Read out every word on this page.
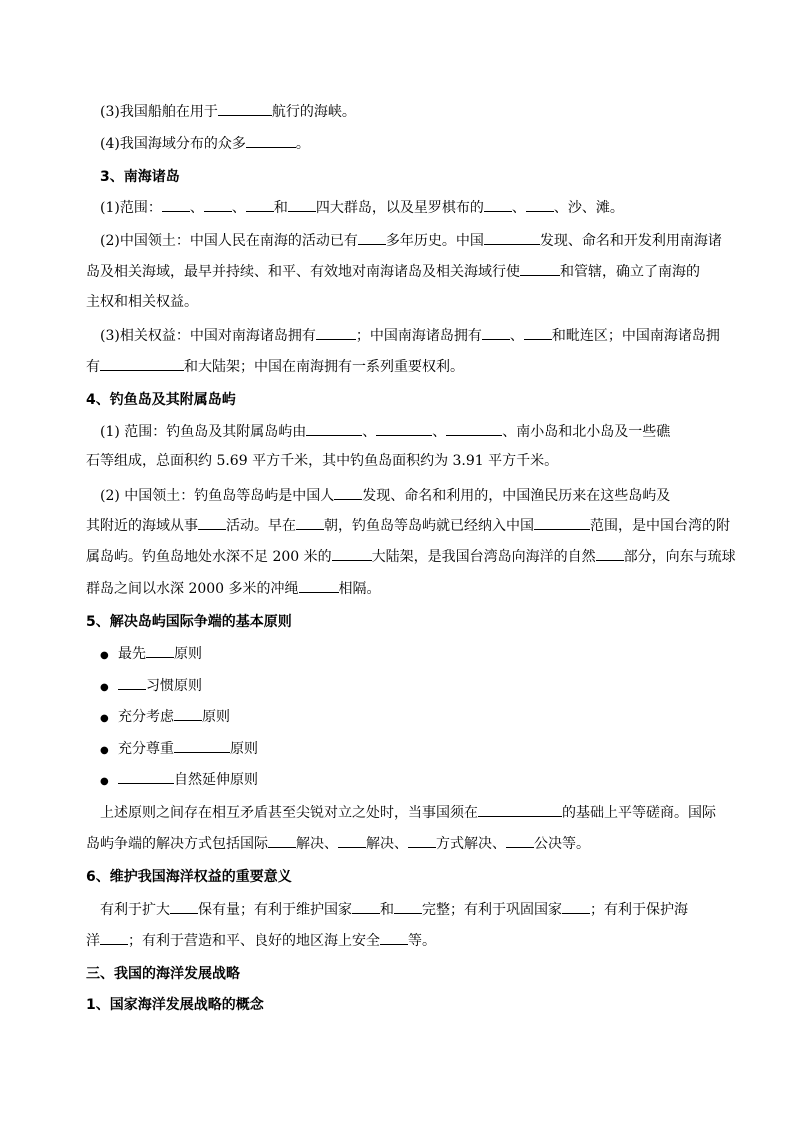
(3)我国船舶在用于	航行的海峡。
(4)我国海域分布的众多	。
3、南海诸岛
(1)范围： 、 、 和 四大群岛，以及星罗棋布的 、 、沙、滩。
(2)中国领土：中国人民在南海的活动已有 多年历史。中国	发现、命名和开发利用南海诸
岛及相关海域，最早并持续、和平、有效地对南海诸岛及相关海域行使	和管辖，确立了南海的
主权和相关权益。
(3)相关权益：中国对南海诸岛拥有	；中国南海诸岛拥有 、 和毗连区；中国南海诸岛拥
有	和大陆架；中国在南海拥有一系列重要权利。
4、钓鱼岛及其附属岛屿
(1) 范围：钓鱼岛及其附属岛屿由	、	、	、南小岛和北小岛及一些礁
石等组成，总面积约 5.69 平方千米，其中钓鱼岛面积约为 3.91 平方千米。
(2) 中国领土：钓鱼岛等岛屿是中国人 发现、命名和利用的，中国渔民历来在这些岛屿及
其附近的海域从事 活动。早在 朝，钓鱼岛等岛屿就已经纳入中国	范围，是中国台湾的附
属岛屿。钓鱼岛地处水深不足 200 米的	大陆架，是我国台湾岛向海洋的自然 部分，向东与琉球
群岛之间以水深 2000 多米的冲绳	相隔。
5、解决岛屿国际争端的基本原则
● 最先 原则
●	习惯原则
● 充分考虑 原则
● 充分尊重	原则
●	自然延伸原则
上述原则之间存在相互矛盾甚至尖锐对立之处时，当事国须在	的基础上平等磋商。国际
岛屿争端的解决方式包括国际 解决、 解决、 方式解决、 公决等。
6、维护我国海洋权益的重要意义
有利于扩大 保有量；有利于维护国家 和 完整；有利于巩固国家 ；有利于保护海
洋 ；有利于营造和平、良好的地区海上安全 等。
三、我国的海洋发展战略
1、国家海洋发展战略的概念
